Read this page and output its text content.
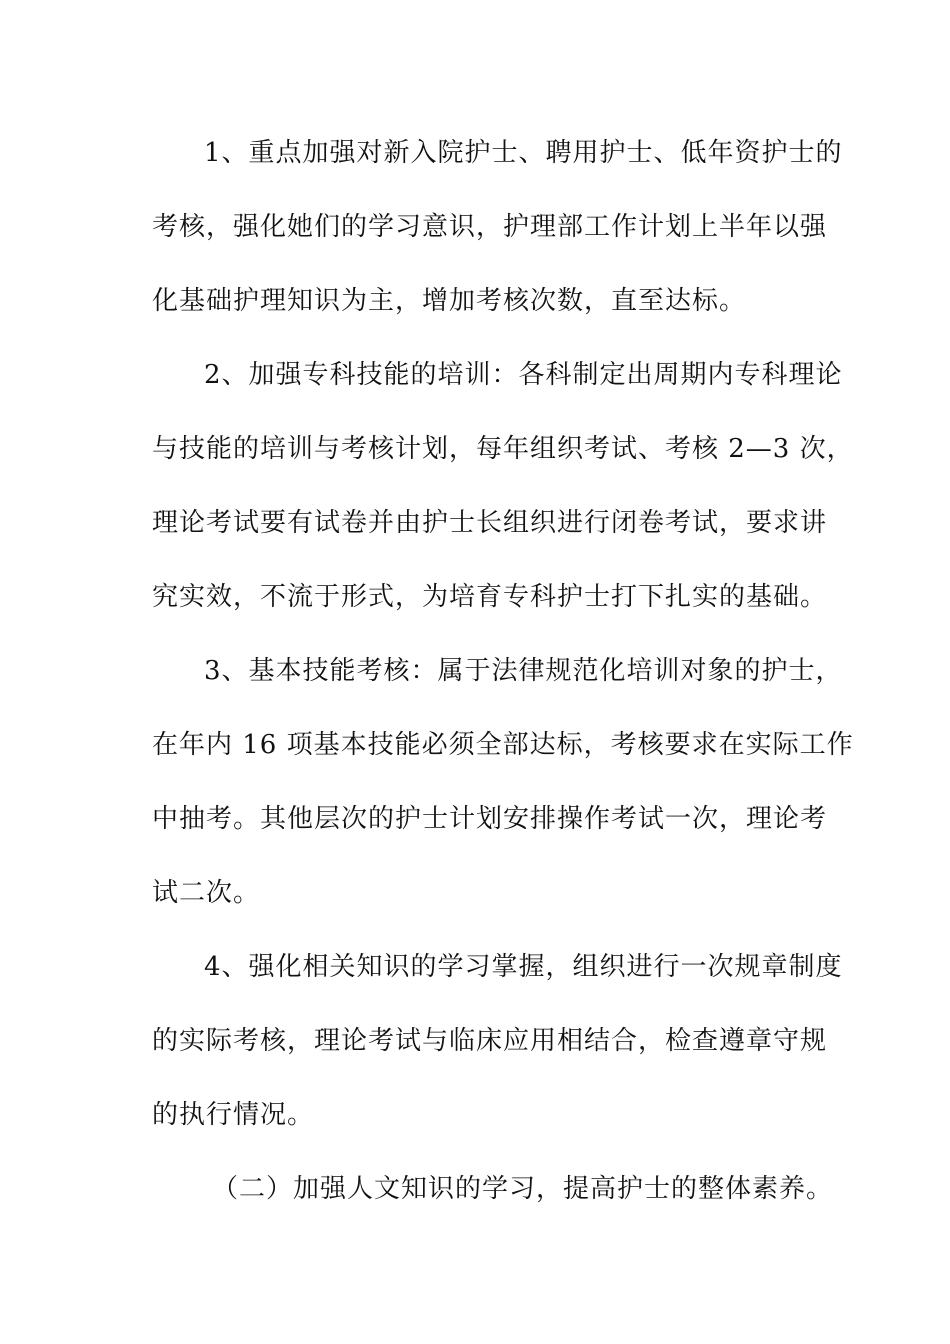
1、重点加强对新入院护士、聘用护士、低年资护士的
考核，强化她们的学习意识，护理部工作计划上半年以强
化基础护理知识为主，增加考核次数，直至达标。
2、加强专科技能的培训：各科制定出周期内专科理论
与技能的培训与考核计划，每年组织考试、考核 2—3 次，
理论考试要有试卷并由护士长组织进行闭卷考试，要求讲
究实效，不流于形式，为培育专科护士打下扎实的基础。
3、基本技能考核：属于法律规范化培训对象的护士，
在年内 16 项基本技能必须全部达标，考核要求在实际工作
中抽考。其他层次的护士计划安排操作考试一次，理论考
试二次。
4、强化相关知识的学习掌握，组织进行一次规章制度
的实际考核，理论考试与临床应用相结合，检查遵章守规
的执行情况。
（二）加强人文知识的学习，提高护士的整体素养。
